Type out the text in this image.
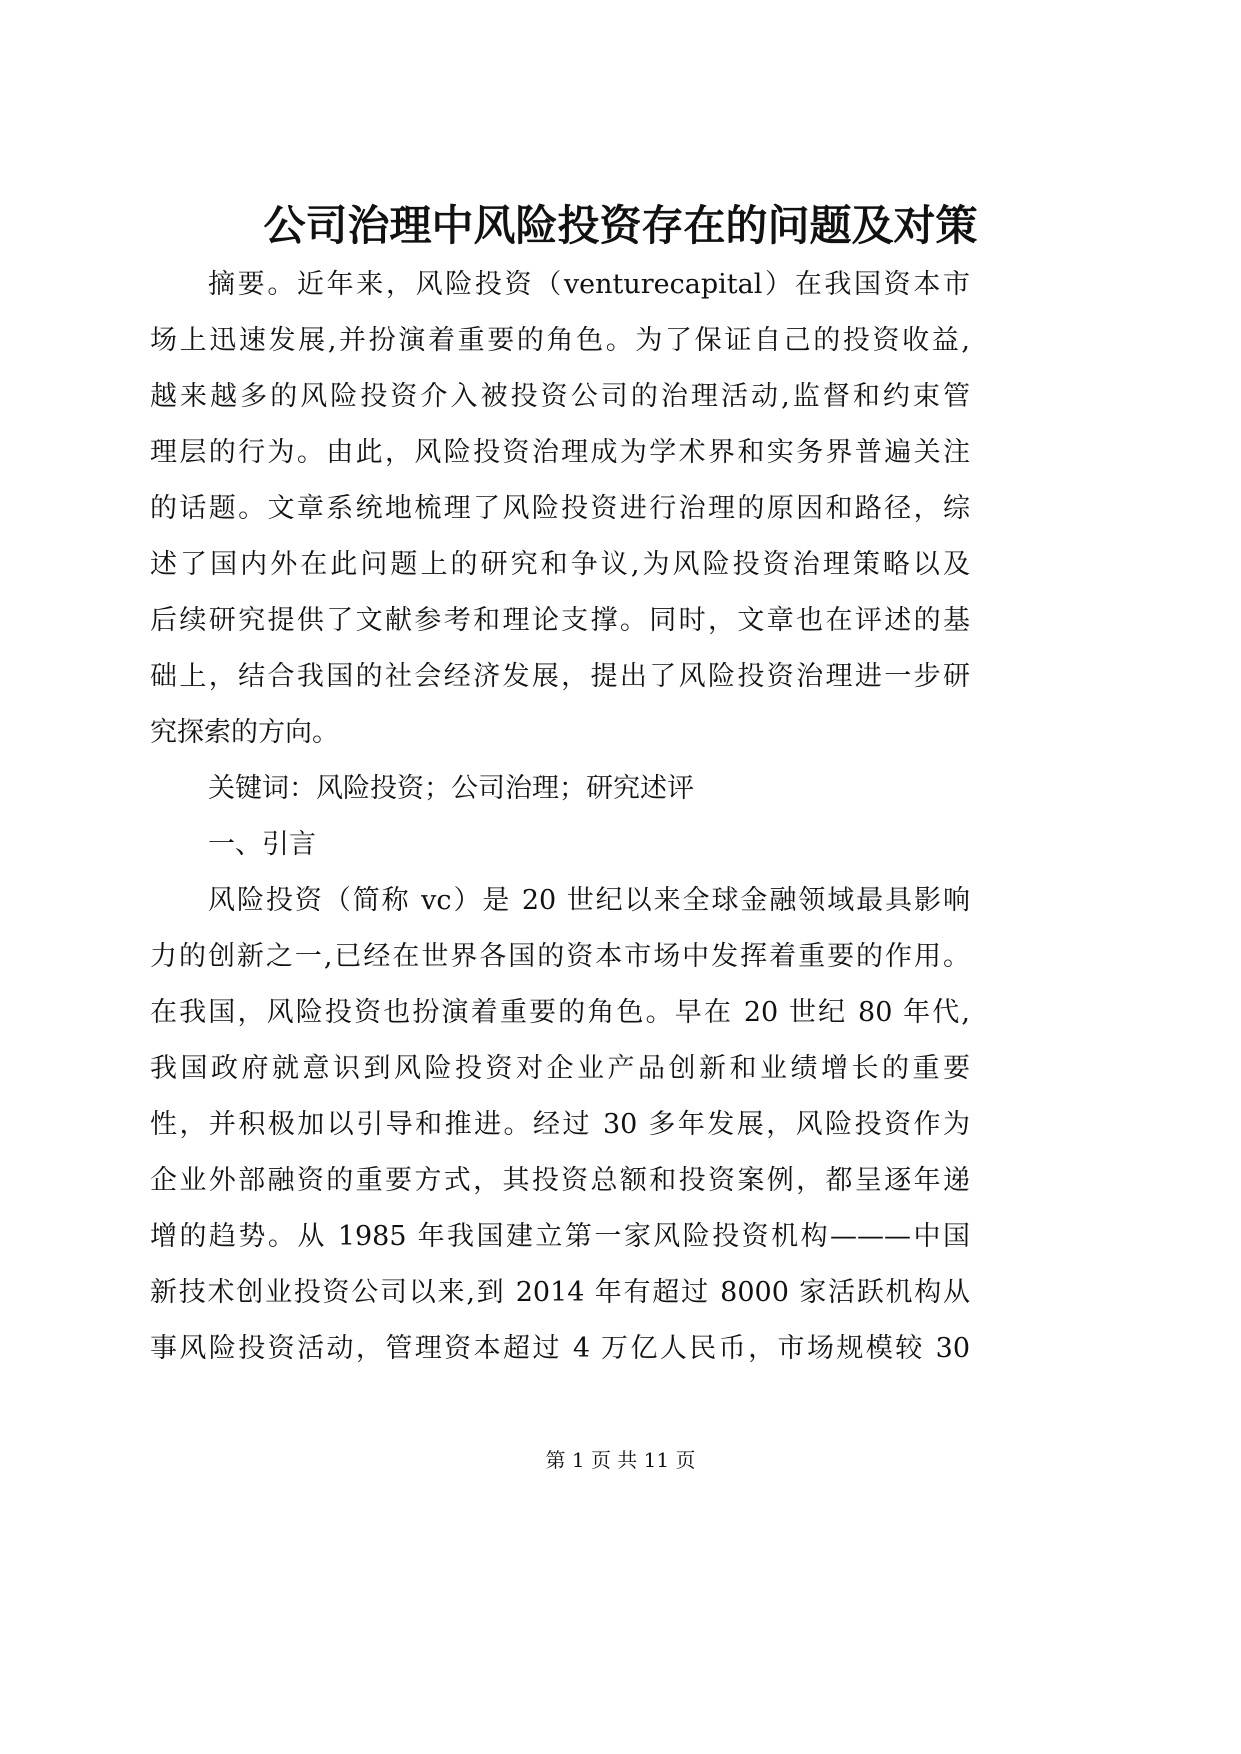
公司治理中风险投资存在的问题及对策
摘要。近年来，风险投资（venturecapital）在我国资本市
场上迅速发展,并扮演着重要的角色。为了保证自己的投资收益,
越来越多的风险投资介入被投资公司的治理活动,监督和约束管
理层的行为。由此，风险投资治理成为学术界和实务界普遍关注
的话题。文章系统地梳理了风险投资进行治理的原因和路径，综
述了国内外在此问题上的研究和争议,为风险投资治理策略以及
后续研究提供了文献参考和理论支撑。同时，文章也在评述的基
础上，结合我国的社会经济发展，提出了风险投资治理进一步研
究探索的方向。
关键词：风险投资；公司治理；研究述评
一、引言
风险投资（简称 vc）是 20 世纪以来全球金融领域最具影响
力的创新之一,已经在世界各国的资本市场中发挥着重要的作用。
在我国，风险投资也扮演着重要的角色。早在 20 世纪 80 年代,
我国政府就意识到风险投资对企业产品创新和业绩增长的重要
性，并积极加以引导和推进。经过 30 多年发展，风险投资作为
企业外部融资的重要方式，其投资总额和投资案例，都呈逐年递
增的趋势。从 1985 年我国建立第一家风险投资机构———中国
新技术创业投资公司以来,到 2014 年有超过 8000 家活跃机构从
事风险投资活动，管理资本超过 4 万亿人民币，市场规模较 30
第 1 页 共 11 页
